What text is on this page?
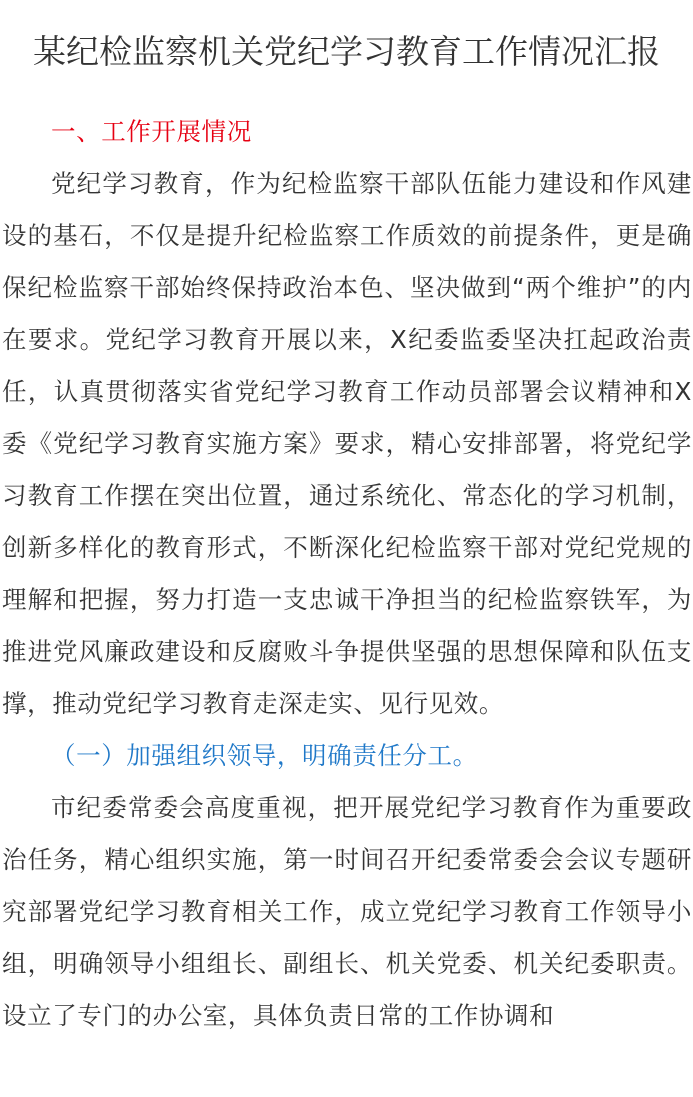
某纪检监察机关党纪学习教育工作情况汇报

一、工作开展情况

党纪学习教育，作为纪检监察干部队伍能力建设和作风建设的基石，不仅是提升纪检监察工作质效的前提条件，更是确保纪检监察干部始终保持政治本色、坚决做到“两个维护”的内在要求。党纪学习教育开展以来，X纪委监委坚决扛起政治责任，认真贯彻落实省党纪学习教育工作动员部署会议精神和X委《党纪学习教育实施方案》要求，精心安排部署，将党纪学习教育工作摆在突出位置，通过系统化、常态化的学习机制，创新多样化的教育形式，不断深化纪检监察干部对党纪党规的理解和把握，努力打造一支忠诚干净担当的纪检监察铁军，为推进党风廉政建设和反腐败斗争提供坚强的思想保障和队伍支撑，推动党纪学习教育走深走实、见行见效。

（一）加强组织领导，明确责任分工。

市纪委常委会高度重视，把开展党纪学习教育作为重要政治任务，精心组织实施，第一时间召开纪委常委会会议专题研究部署党纪学习教育相关工作，成立党纪学习教育工作领导小组，明确领导小组组长、副组长、机关党委、机关纪委职责。设立了专门的办公室，具体负责日常的工作协调和
